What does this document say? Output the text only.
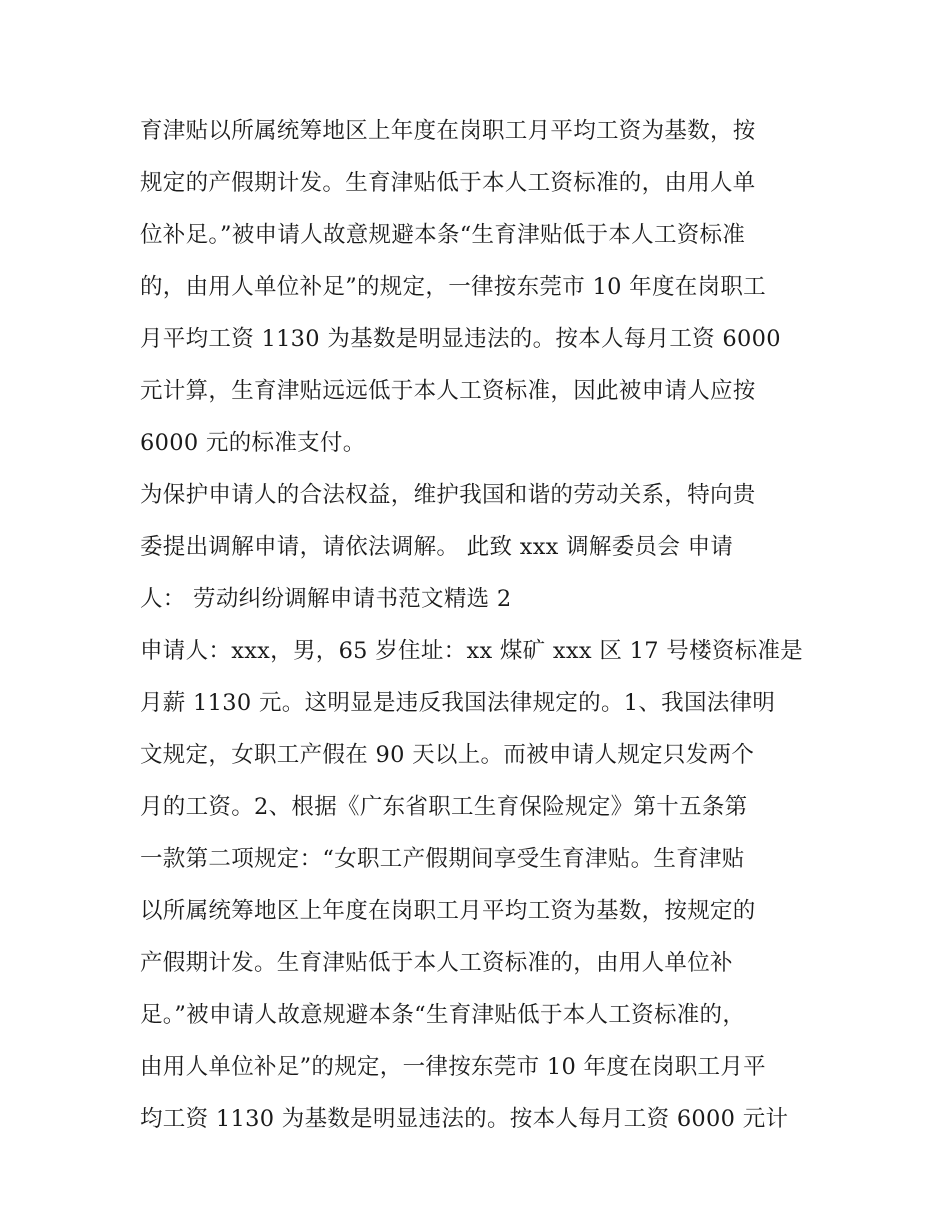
育津贴以所属统筹地区上年度在岗职工月平均工资为基数，按
规定的产假期计发。生育津贴低于本人工资标准的，由用人单
位补足。”被申请人故意规避本条“生育津贴低于本人工资标准
的，由用人单位补足”的规定，一律按东莞市 10 年度在岗职工
月平均工资 1130 为基数是明显违法的。按本人每月工资 6000
元计算，生育津贴远远低于本人工资标准，因此被申请人应按
6000 元的标准支付。
为保护申请人的合法权益，维护我国和谐的劳动关系，特向贵
委提出调解申请，请依法调解。 此致 xxx 调解委员会 申请
人： 劳动纠纷调解申请书范文精选 2
申请人：xxx，男，65 岁住址：xx 煤矿 xxx 区 17 号楼资标准是
月薪 1130 元。这明显是违反我国法律规定的。1、我国法律明
文规定，女职工产假在 90 天以上。而被申请人规定只发两个
月的工资。2、根据《广东省职工生育保险规定》第十五条第
一款第二项规定：“女职工产假期间享受生育津贴。生育津贴
以所属统筹地区上年度在岗职工月平均工资为基数，按规定的
产假期计发。生育津贴低于本人工资标准的，由用人单位补
足。”被申请人故意规避本条“生育津贴低于本人工资标准的，
由用人单位补足”的规定，一律按东莞市 10 年度在岗职工月平
均工资 1130 为基数是明显违法的。按本人每月工资 6000 元计
